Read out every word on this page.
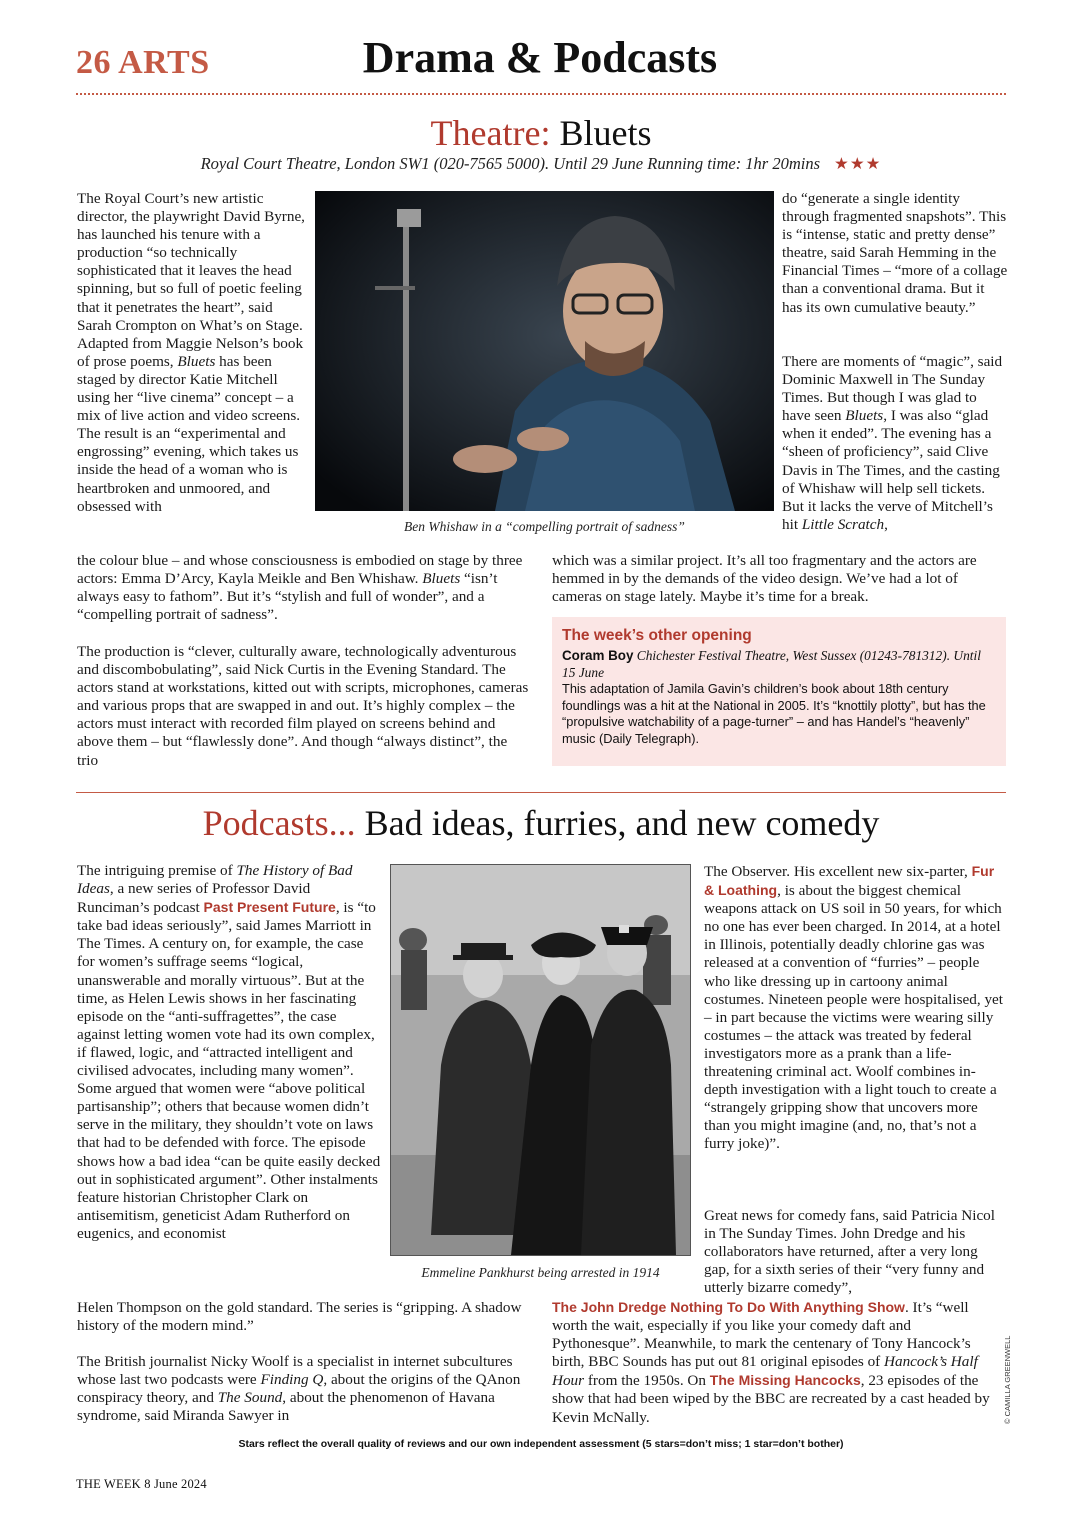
26 ARTS	Drama & Podcasts
Theatre: Bluets
Royal Court Theatre, London SW1 (020-7565 5000). Until 29 June Running time: 1hr 20mins ★★★
The Royal Court’s new artistic director, the playwright David Byrne, has launched his tenure with a production “so technically sophisticated that it leaves the head spinning, but so full of poetic feeling that it penetrates the heart”, said Sarah Crompton on What’s on Stage. Adapted from Maggie Nelson’s book of prose poems, Bluets has been staged by director Katie Mitchell using her “live cinema” concept – a mix of live action and video screens. The result is an “experimental and engrossing” evening, which takes us inside the head of a woman who is heartbroken and unmoored, and obsessed with
the colour blue – and whose consciousness is embodied on stage by three actors: Emma D’Arcy, Kayla Meikle and Ben Whishaw. Bluets “isn’t always easy to fathom”. But it’s “stylish and full of wonder”, and a “compelling portrait of sadness”.
The production is “clever, culturally aware, technologically adventurous and discombobulating”, said Nick Curtis in the Evening Standard. The actors stand at workstations, kitted out with scripts, microphones, cameras and various props that are swapped in and out. It’s highly complex – the actors must interact with recorded film played on screens behind and above them – but “flawlessly done”. And though “always distinct”, the trio
Ben Whishaw in a “compelling portrait of sadness”
do “generate a single identity through fragmented snapshots”. This is “intense, static and pretty dense” theatre, said Sarah Hemming in the Financial Times – “more of a collage than a conventional drama. But it has its own cumulative beauty.”
There are moments of “magic”, said Dominic Maxwell in The Sunday Times. But though I was glad to have seen Bluets, I was also “glad when it ended”. The evening has a “sheen of proficiency”, said Clive Davis in The Times, and the casting of Whishaw will help sell tickets. But it lacks the verve of Mitchell’s hit Little Scratch,
which was a similar project. It’s all too fragmentary and the actors are hemmed in by the demands of the video design. We’ve had a lot of cameras on stage lately. Maybe it’s time for a break.
The week’s other opening
Coram Boy Chichester Festival Theatre, West Sussex (01243-781312). Until 15 June
This adaptation of Jamila Gavin’s children’s book about 18th century foundlings was a hit at the National in 2005. It’s “knottily plotty”, but has the “propulsive watchability of a page-turner” – and has Handel’s “heavenly” music (Daily Telegraph).
Podcasts... Bad ideas, furries, and new comedy
The intriguing premise of The History of Bad Ideas, a new series of Professor David Runciman’s podcast Past Present Future, is “to take bad ideas seriously”, said James Marriott in The Times. A century on, for example, the case for women’s suffrage seems “logical, unanswerable and morally virtuous”. But at the time, as Helen Lewis shows in her fascinating episode on the “anti-suffragettes”, the case against letting women vote had its own complex, if flawed, logic, and “attracted intelligent and civilised advocates, including many women”. Some argued that women were “above political partisanship”; others that because women didn’t serve in the military, they shouldn’t vote on laws that had to be defended with force. The episode shows how a bad idea “can be quite easily decked out in sophisticated argument”. Other instalments feature historian Christopher Clark on antisemitism, geneticist Adam Rutherford on eugenics, and economist
Helen Thompson on the gold standard. The series is “gripping. A shadow history of the modern mind.”
The British journalist Nicky Woolf is a specialist in internet subcultures whose last two podcasts were Finding Q, about the origins of the QAnon conspiracy theory, and The Sound, about the phenomenon of Havana syndrome, said Miranda Sawyer in
Emmeline Pankhurst being arrested in 1914
The Observer. His excellent new six-parter, Fur & Loathing, is about the biggest chemical weapons attack on US soil in 50 years, for which no one has ever been charged. In 2014, at a hotel in Illinois, potentially deadly chlorine gas was released at a convention of “furries” – people who like dressing up in cartoony animal costumes. Nineteen people were hospitalised, yet – in part because the victims were wearing silly costumes – the attack was treated by federal investigators more as a prank than a life-threatening criminal act. Woolf combines in-depth investigation with a light touch to create a “strangely gripping show that uncovers more than you might imagine (and, no, that’s not a furry joke)”.
Great news for comedy fans, said Patricia Nicol in The Sunday Times. John Dredge and his collaborators have returned, after a very long gap, for a sixth series of their “very funny and utterly bizarre comedy”,
The John Dredge Nothing To Do With Anything Show. It’s “well worth the wait, especially if you like your comedy daft and Pythonesque”. Meanwhile, to mark the centenary of Tony Hancock’s birth, BBC Sounds has put out 81 original episodes of Hancock’s Half Hour from the 1950s. On The Missing Hancocks, 23 episodes of the show that had been wiped by the BBC are recreated by a cast headed by Kevin McNally.	© CAMILLA GREENWELL
Stars reflect the overall quality of reviews and our own independent assessment (5 stars=don’t miss; 1 star=don’t bother)
THE WEEK 8 June 2024
